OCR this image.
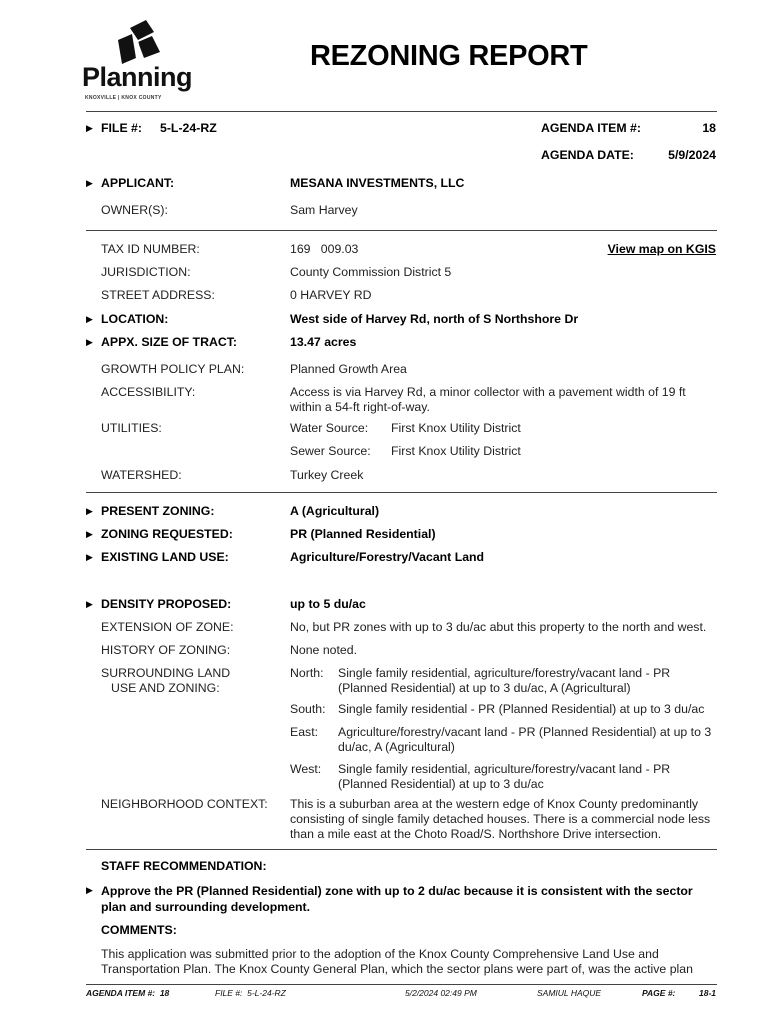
Planning
KNOXVILLE | KNOX COUNTY
REZONING REPORT
▶ FILE #: 5-L-24-RZ	AGENDA ITEM #:	18
AGENDA DATE:	5/9/2024
▶ APPLICANT:	MESANA INVESTMENTS, LLC
OWNER(S):	Sam Harvey
TAX ID NUMBER:	169   009.03	View map on KGIS
JURISDICTION:	County Commission District 5
STREET ADDRESS:	0 HARVEY RD
▶ LOCATION:	West side of Harvey Rd, north of S Northshore Dr
▶ APPX. SIZE OF TRACT:	13.47 acres
GROWTH POLICY PLAN:	Planned Growth Area
ACCESSIBILITY:	Access is via Harvey Rd, a minor collector with a pavement width of 19 ft within a 54-ft right-of-way.
UTILITIES:	Water Source: First Knox Utility District
Sewer Source: First Knox Utility District
WATERSHED:	Turkey Creek
▶ PRESENT ZONING:	A (Agricultural)
▶ ZONING REQUESTED:	PR (Planned Residential)
▶ EXISTING LAND USE:	Agriculture/Forestry/Vacant Land
▶ DENSITY PROPOSED:	up to 5 du/ac
EXTENSION OF ZONE:	No, but PR zones with up to 3 du/ac abut this property to the north and west.
HISTORY OF ZONING:	None noted.
SURROUNDING LAND
USE AND ZONING:
North: Single family residential, agriculture/forestry/vacant land - PR (Planned Residential) at up to 3 du/ac, A (Agricultural)
South: Single family residential - PR (Planned Residential) at up to 3 du/ac
East: Agriculture/forestry/vacant land - PR (Planned Residential) at up to 3 du/ac, A (Agricultural)
West: Single family residential, agriculture/forestry/vacant land - PR (Planned Residential) at up to 3 du/ac
NEIGHBORHOOD CONTEXT: This is a suburban area at the western edge of Knox County predominantly consisting of single family detached houses. There is a commercial node less than a mile east at the Choto Road/S. Northshore Drive intersection.
STAFF RECOMMENDATION:
▶ Approve the PR (Planned Residential) zone with up to 2 du/ac because it is consistent with the sector plan and surrounding development.
COMMENTS:
This application was submitted prior to the adoption of the Knox County Comprehensive Land Use and Transportation Plan. The Knox County General Plan, which the sector plans were part of, was the active plan
AGENDA ITEM #:  18	FILE #:  5-L-24-RZ	5/2/2024 02:49 PM	SAMIUL HAQUE	PAGE #:	18-1
